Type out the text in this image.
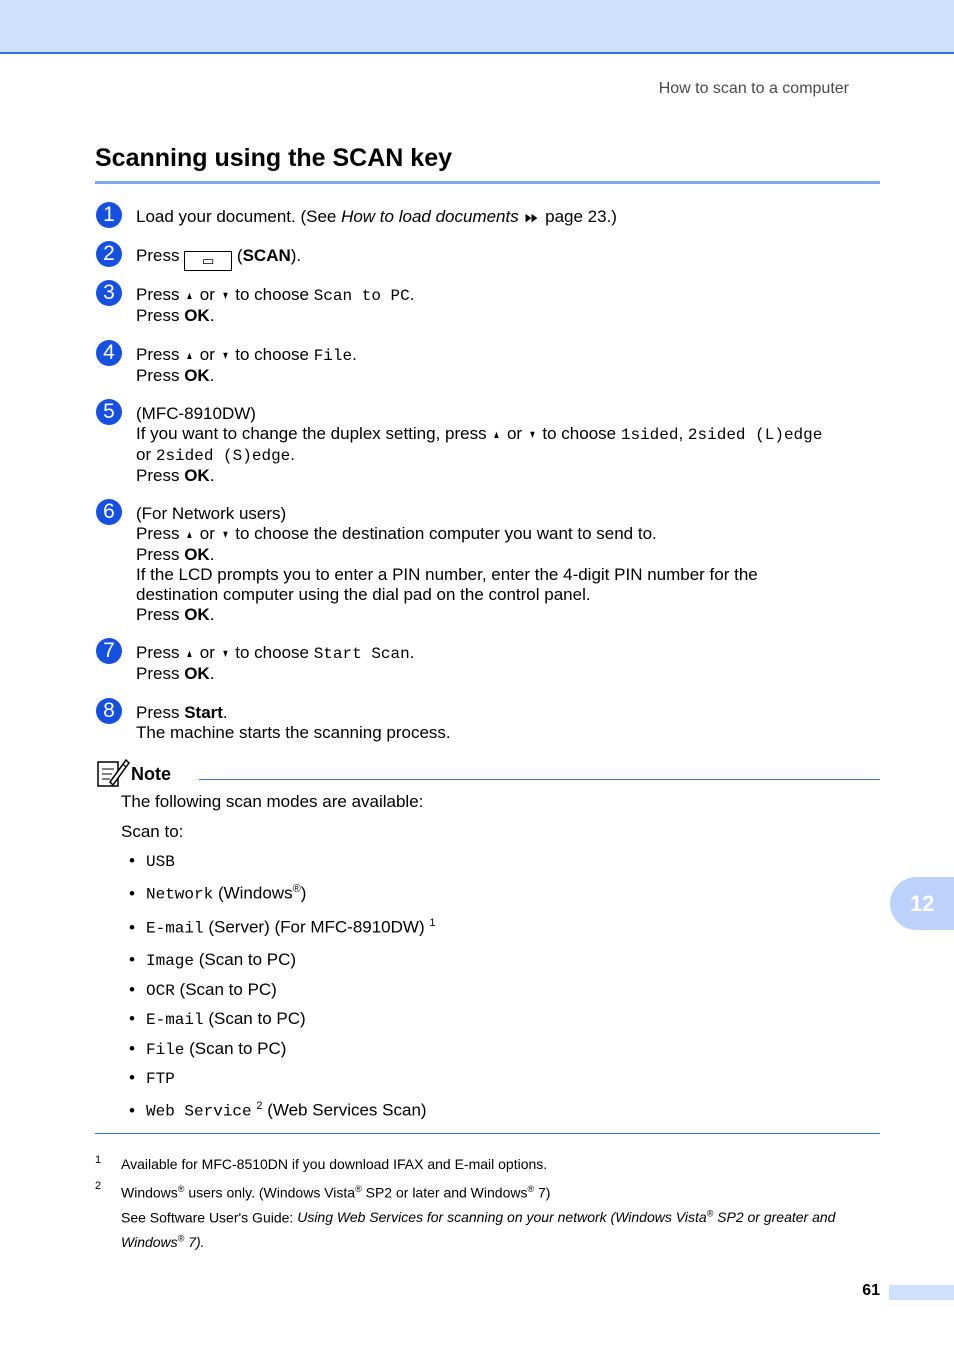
How to scan to a computer
Scanning using the SCAN key
1	Load your document. (See How to load documents ▶▶ page 23.)
2	Press ▭ (SCAN).
3	Press ▲ or ▼ to choose Scan to PC.
Press OK.
4	Press ▲ or ▼ to choose File.
Press OK.
5	(MFC-8910DW)
If you want to change the duplex setting, press ▲ or ▼ to choose 1sided, 2sided (L)edge
or 2sided (S)edge.
Press OK.
6	(For Network users)
Press ▲ or ▼ to choose the destination computer you want to send to.
Press OK.
If the LCD prompts you to enter a PIN number, enter the 4-digit PIN number for the
destination computer using the dial pad on the control panel.
Press OK.
7	Press ▲ or ▼ to choose Start Scan.
Press OK.
8	Press Start.
The machine starts the scanning process.
Note
The following scan modes are available:
Scan to:
• USB
• Network (Windows®)
• E-mail (Server) (For MFC-8910DW) $^1$
• Image (Scan to PC)
• OCR (Scan to PC)
• E-mail (Scan to PC)
• File (Scan to PC)
• FTP
• Web Service $^2$ (Web Services Scan)
1 Available for MFC-8510DN if you download IFAX and E-mail options.
2 Windows® users only. (Windows Vista® SP2 or later and Windows® 7)
See Software User's Guide: Using Web Services for scanning on your network (Windows Vista® SP2 or greater and
Windows® 7).
12
61
